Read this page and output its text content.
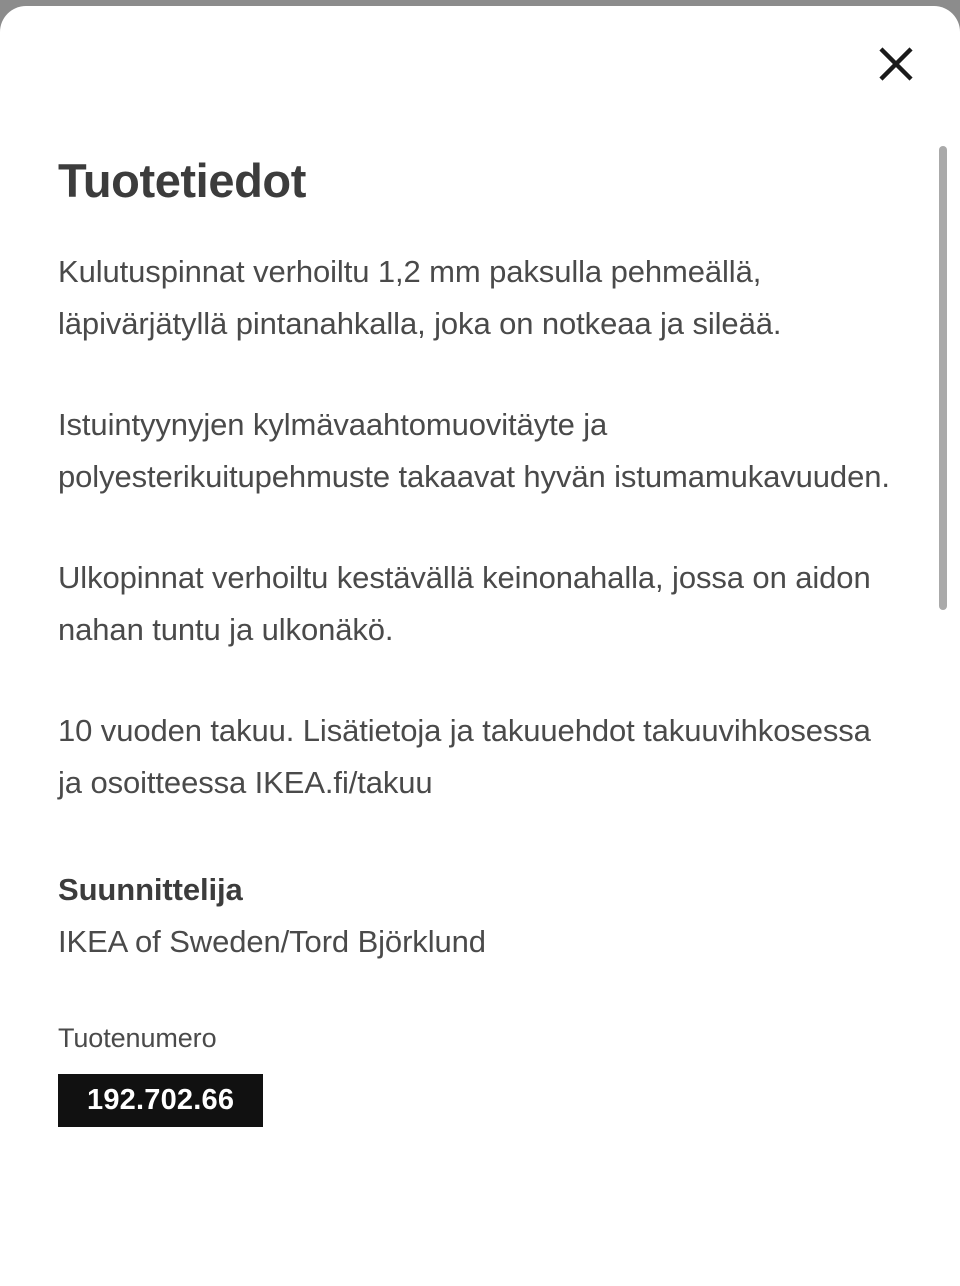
Tuotetiedot

Kulutuspinnat verhoiltu 1,2 mm paksulla pehmeällä, läpivärjätyllä pintanahkalla, joka on notkeaa ja sileää.

Istuintyynyjen kylmävaahtomuovitäyte ja polyesterikuitupehmuste takaavat hyvän istumamukavuuden.

Ulkopinnat verhoiltu kestävällä keinonahalla, jossa on aidon nahan tuntu ja ulkonäkö.

10 vuoden takuu. Lisätietoja ja takuuehdot takuuvihkosessa ja osoitteessa IKEA.fi/takuu

Suunnittelija

IKEA of Sweden/Tord Björklund

Tuotenumero

192.702.66
